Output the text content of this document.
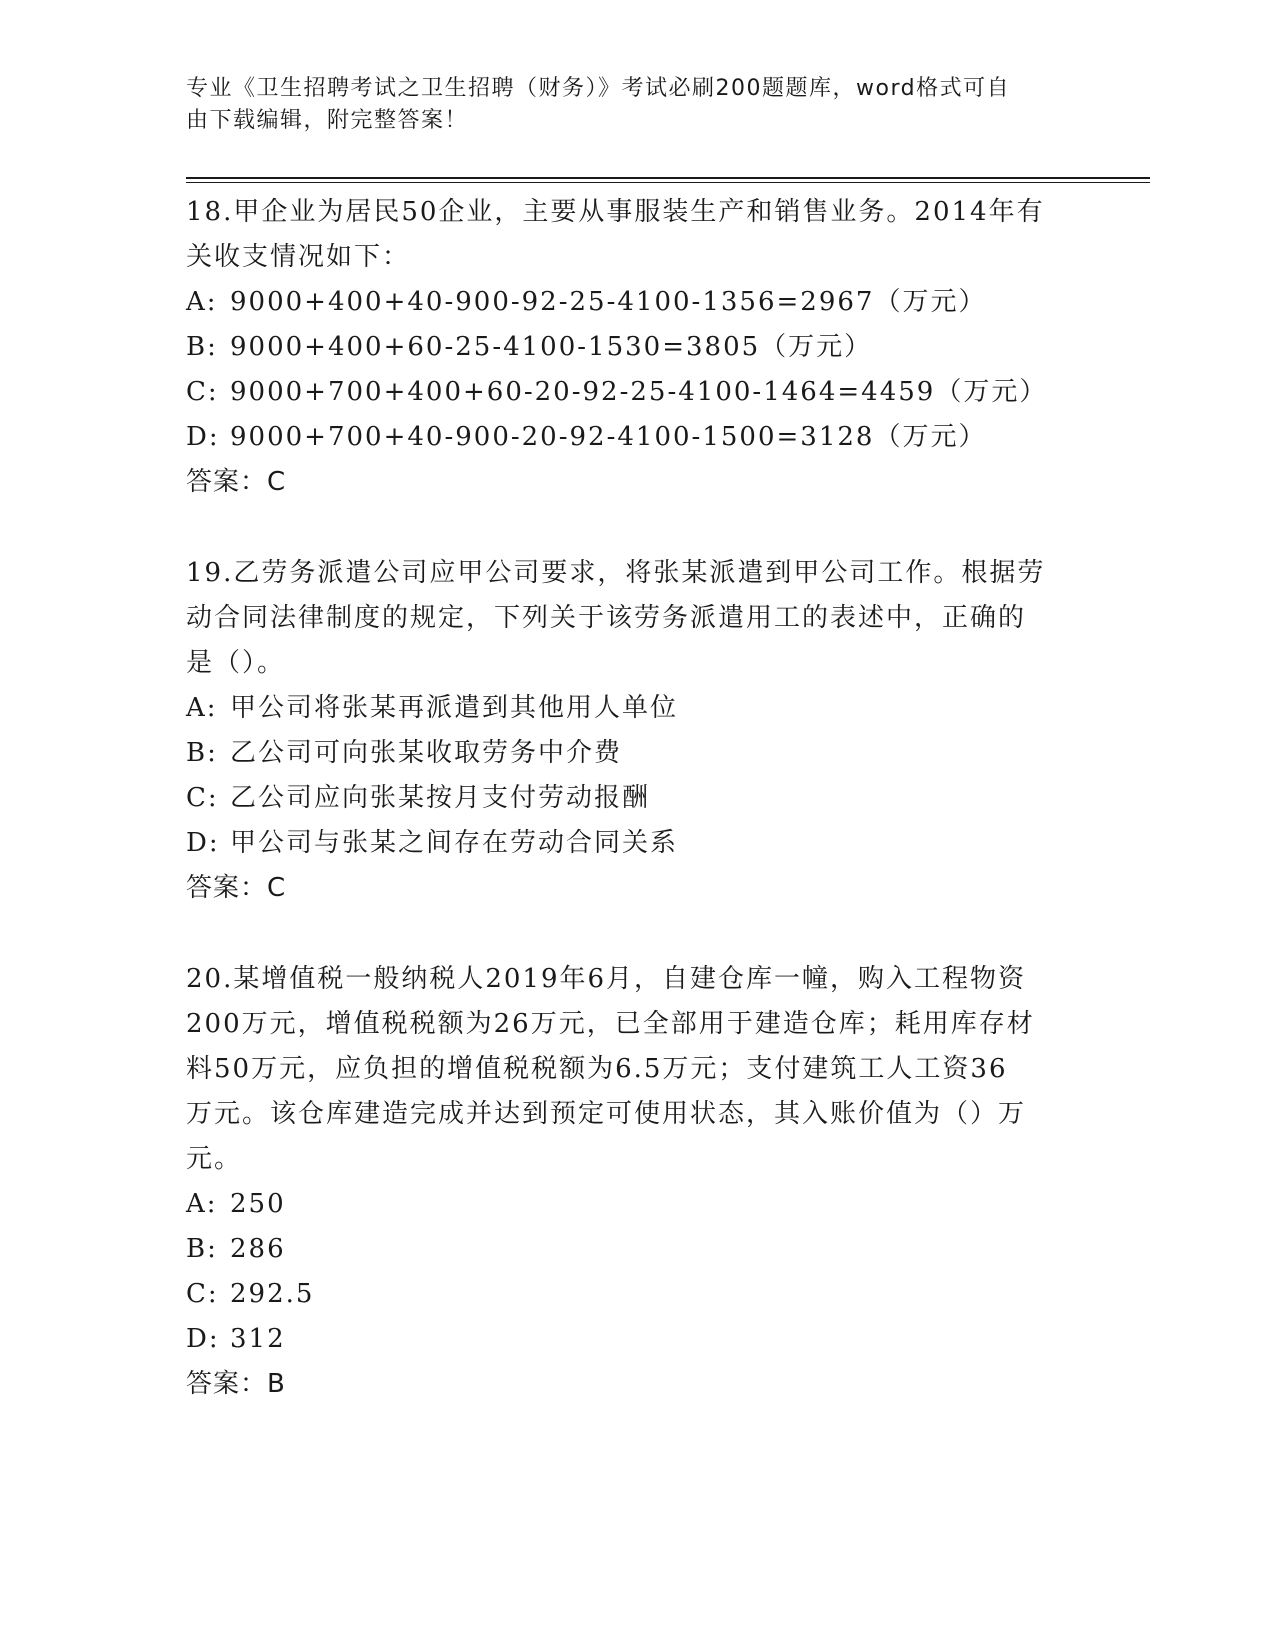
专业《卫生招聘考试之卫生招聘（财务）》考试必刷200题题库，word格式可自
由下载编辑，附完整答案！

18.甲企业为居民50企业，主要从事服装生产和销售业务。2014年有

关收支情况如下：

A: 9000+400+40-900-92-25-4100-1356=2967（万元）

B: 9000+400+60-25-4100-1530=3805（万元）

C: 9000+700+400+60-20-92-25-4100-1464=4459（万元）

D: 9000+700+40-900-20-92-4100-1500=3128（万元）

答案：C

19.乙劳务派遣公司应甲公司要求，将张某派遣到甲公司工作。根据劳

动合同法律制度的规定，下列关于该劳务派遣用工的表述中，正确的

是（）。

A: 甲公司将张某再派遣到其他用人单位

B: 乙公司可向张某收取劳务中介费

C: 乙公司应向张某按月支付劳动报酬

D: 甲公司与张某之间存在劳动合同关系

答案：C

20.某增值税一般纳税人2019年6月，自建仓库一幢，购入工程物资

200万元，增值税税额为26万元，已全部用于建造仓库；耗用库存材

料50万元，应负担的增值税税额为6.5万元；支付建筑工人工资36

万元。该仓库建造完成并达到预定可使用状态，其入账价值为（）万

元。

A: 250

B: 286

C: 292.5

D: 312

答案：B
